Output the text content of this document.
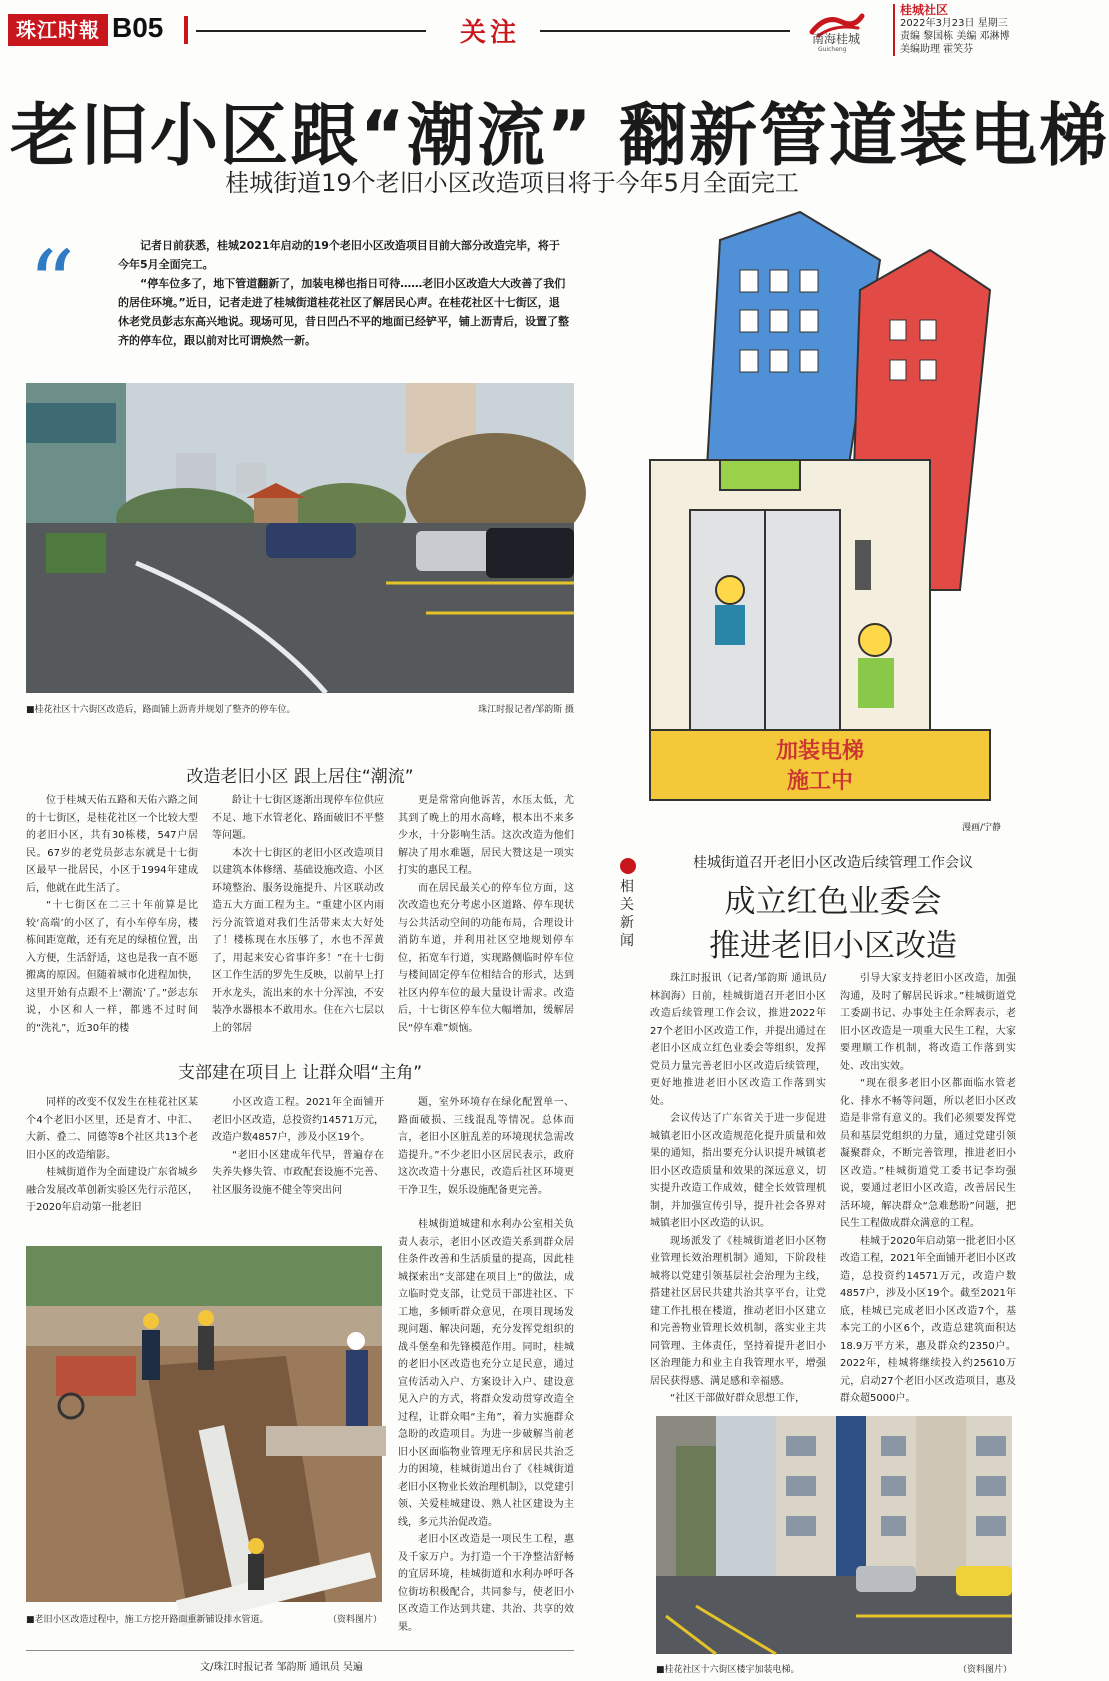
珠江时報 B05	关注	南海桂城
Guicheng
桂城社区
2022年3月23日 星期三
责编 黎国栋 美编 邓淋博
美编助理 霍笑芬
老旧小区跟“潮流” 翻新管道装电梯
桂城街道19个老旧小区改造项目将于今年5月全面完工
“	记者日前获悉，桂城2021年启动的19个老旧小区改造项目目前大部分改造完毕，将于今年5月全面完工。

“停车位多了，地下管道翻新了，加装电梯也指日可待……老旧小区改造大大改善了我们的居住环境。”近日，记者走进了桂城街道桂花社区了解居民心声。在桂花社区十七街区，退休老党员彭志东高兴地说。现场可见，昔日凹凸不平的地面已经铲平，铺上沥青后，设置了整齐的停车位，跟以前对比可谓焕然一新。

■桂花社区十六街区改造后，路面铺上沥青并规划了整齐的停车位。	珠江时报记者/邹韵斯 摄
加装电梯
施工中
漫画/宁静
改造老旧小区 跟上居住“潮流”

位于桂城天佑五路和天佑六路之间的十七街区，是桂花社区一个比较大型的老旧小区，共有30栋楼，547户居民。67岁的老党员彭志东就是十七街区最早一批居民，小区于1994年建成后，他就在此生活了。

“十七街区在二三十年前算是比较‘高端’的小区了，有小车停车房，楼栋间距宽敞，还有充足的绿植位置，出入方便，生活舒适，这也是我一直不愿搬离的原因。但随着城市化进程加快，这里开始有点跟不上‘潮流’了。”彭志东说，小区和人一样，都逃不过时间的“洗礼”，近30年的楼

龄让十七街区逐渐出现停车位供应不足、地下水管老化、路面破旧不平整等问题。

本次十七街区的老旧小区改造项目以建筑本体修缮、基础设施改造、小区环境整治、服务设施提升、片区联动改造五大方面工程为主。“重建小区内雨污分流管道对我们生活带来太大好处了！楼栋现在水压够了，水也不浑黄了，用起来安心省事许多！”在十七街区工作生活的罗先生反映，以前早上打开水龙头，流出来的水十分浑浊，不安装净水器根本不敢用水。住在六七层以上的邻居

更是常常向他诉苦，水压太低，尤其到了晚上的用水高峰，根本出不来多少水，十分影响生活。这次改造为他们解决了用水难题，居民大赞这是一项实打实的惠民工程。

而在居民最关心的停车位方面，这次改造也充分考虑小区道路、停车现状与公共活动空间的功能布局，合理设计消防车道，并利用社区空地规划停车位，拓宽车行道，实现路侧临时停车位与楼间固定停车位相结合的形式，达到社区内停车位的最大量设计需求。改造后，十七街区停车位大幅增加，缓解居民“停车难”烦恼。

支部建在项目上 让群众唱“主角”

同样的改变不仅发生在桂花社区某个4个老旧小区里，还是育才、中汇、大新、叠二、同德等8个社区共13个老旧小区的改造缩影。

桂城街道作为全面建设广东省城乡融合发展改革创新实验区先行示范区，于2020年启动第一批老旧

小区改造工程。2021年全面铺开老旧小区改造，总投资约14571万元，改造户数4857户，涉及小区19个。

“老旧小区建成年代早，普遍存在失养失修失管、市政配套设施不完善、社区服务设施不健全等突出问

题，室外环境存在绿化配置单一、路面破损、三线混乱等情况。总体而言，老旧小区脏乱差的环境现状急需改造提升。”不少老旧小区居民表示，政府这次改造十分惠民，改造后社区环境更干净卫生，娱乐设施配备更完善。

桂城街道城建和水利办公室相关负责人表示，老旧小区改造关系到群众居住条件改善和生活质量的提高，因此桂城探索出“支部建在项目上”的做法，成立临时党支部，让党员干部进社区、下工地，多倾听群众意见，在项目现场发现问题、解决问题，充分发挥党组织的战斗堡垒和先锋模范作用。同时，桂城的老旧小区改造也充分立足民意，通过宣传活动入户、方案设计入户、建设意见入户的方式，将群众发动贯穿改造全过程，让群众唱“主角”，着力实施群众急盼的改造项目。为进一步破解当前老旧小区面临物业管理无序和居民共治乏力的困境，桂城街道出台了《桂城街道老旧小区物业长效治理机制》，以党建引领、关爱桂城建设、熟人社区建设为主线，多元共治促改造。

老旧小区改造是一项民生工程，惠及千家万户。为打造一个干净整洁舒畅的宜居环境，桂城街道和水利办呼吁各位街坊积极配合，共同参与，使老旧小区改造工作达到共建、共治、共享的效果。

■老旧小区改造过程中，施工方挖开路面重新铺设排水管道。	（资料图片）
相关新闻
桂城街道召开老旧小区改造后续管理工作会议
成立红色业委会
推进老旧小区改造

珠江时报讯（记者/邹韵斯 通讯员/林润海）日前，桂城街道召开老旧小区改造后续管理工作会议，推进2022年27个老旧小区改造工作，并提出通过在老旧小区成立红色业委会等组织，发挥党员力量完善老旧小区改造后续管理，更好地推进老旧小区改造工作落到实处。

会议传达了广东省关于进一步促进城镇老旧小区改造规范化提升质量和效果的通知，指出要充分认识提升城镇老旧小区改造质量和效果的深远意义，切实提升改造工作成效，健全长效管理机制，并加强宣传引导，提升社会各界对城镇老旧小区改造的认识。

现场派发了《桂城街道老旧小区物业管理长效治理机制》通知，下阶段桂城将以党建引领基层社会治理为主线，搭建社区居民共建共治共享平台，让党建工作扎根在楼道，推动老旧小区建立和完善物业管理长效机制，落实业主共同管理、主体责任，坚持着提升老旧小区治理能力和业主自我管理水平，增强居民获得感、满足感和幸福感。

“社区干部做好群众思想工作，

引导大家支持老旧小区改造，加强沟通，及时了解居民诉求。”桂城街道党工委副书记、办事处主任余辉表示，老旧小区改造是一项重大民生工程，大家要理顺工作机制，将改造工作落到实处、改出实效。

“现在很多老旧小区都面临水管老化、排水不畅等问题，所以老旧小区改造是非常有意义的。我们必须要发挥党员和基层党组织的力量，通过党建引领凝聚群众，不断完善管理，推进老旧小区改造。”桂城街道党工委书记李均强说，要通过老旧小区改造，改善居民生活环境，解决群众“急难愁盼”问题，把民生工程做成群众满意的工程。

桂城于2020年启动第一批老旧小区改造工程，2021年全面铺开老旧小区改造，总投资约14571万元，改造户数4857户，涉及小区19个。截至2021年底，桂城已完成老旧小区改造7个，基本完工的小区6个，改造总建筑面积达18.9万平方米，惠及群众约2350户。2022年，桂城将继续投入约25610万元，启动27个老旧小区改造项目，惠及群众超5000户。

■桂花社区十六街区楼宇加装电梯。	（资料图片）
文/珠江时报记者 邹韵斯 通讯员 吴遍
